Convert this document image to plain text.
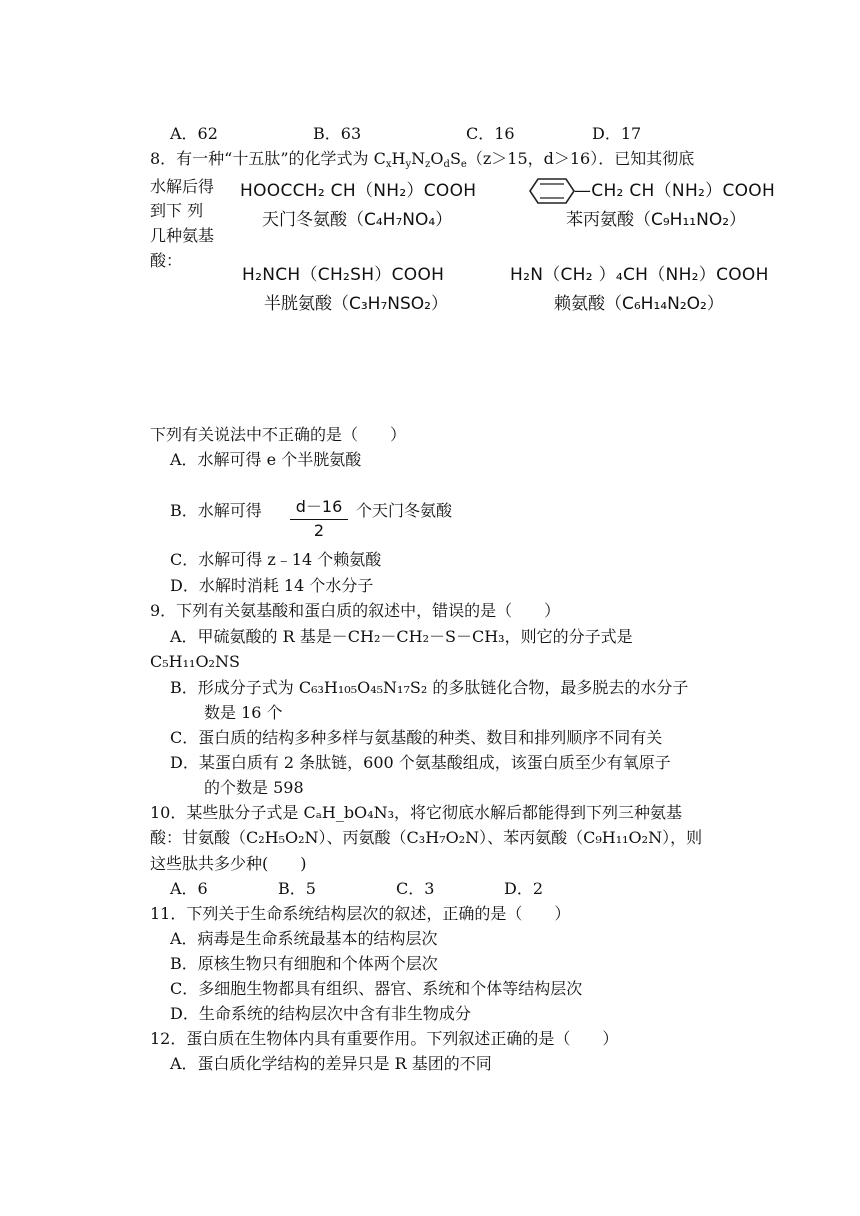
A．62	B．63	C．16	D．17
8．有一种“十五肽”的化学式为 $C_xH_yN_zO_dS_e(z>15$，d＞16）．已知其彻底
水解后得
到下 列
几种氨基
酸：
HOOCCH₂ CH（NH₂）COOH
天门冬氨酸（C₄H₇NO₄）
—CH₂ CH（NH₂）COOH
苯丙氨酸（C₉H₁₁NO₂）
H₂NCH（CH₂SH）COOH
半胱氨酸（C₃H₇NSO₂）
H₂N（CH₂ ）₄CH（NH₂）COOH
赖氨酸（C₆H₁₄N₂O₂）
下列有关说法中不正确的是（　　）
A．水解可得 e 个半胱氨酸
B．水解可得 $\frac{d-16}{2}$ 个天门冬氨酸
C．水解可得 z﹣14 个赖氨酸
D．水解时消耗 14 个水分子
9．下列有关氨基酸和蛋白质的叙述中，错误的是（　　）
A．甲硫氨酸的 R 基是－CH₂－CH₂－S－CH₃，则它的分子式是
C₅H₁₁O₂NS
B．形成分子式为 C₆₃H₁₀₅O₄₅N₁₇S₂ 的多肽链化合物，最多脱去的水分子
数是 16 个
C．蛋白质的结构多种多样与氨基酸的种类、数目和排列顺序不同有关
D．某蛋白质有 2 条肽链，600 个氨基酸组成，该蛋白质至少有氧原子
的个数是 598
10．某些肽分子式是 CₐH_bO₄N₃，将它彻底水解后都能得到下列三种氨基
酸：甘氨酸（C₂H₅O₂N）、丙氨酸（C₃H₇O₂N）、苯丙氨酸（C₉H₁₁O₂N），则
这些肽共多少种(　　)
A．6	B．5	C．3	D．2
11．下列关于生命系统结构层次的叙述，正确的是（　　）
A．病毒是生命系统最基本的结构层次
B．原核生物只有细胞和个体两个层次
C．多细胞生物都具有组织、器官、系统和个体等结构层次
D．生命系统的结构层次中含有非生物成分
12．蛋白质在生物体内具有重要作用。下列叙述正确的是（　　）
A．蛋白质化学结构的差异只是 R 基团的不同
